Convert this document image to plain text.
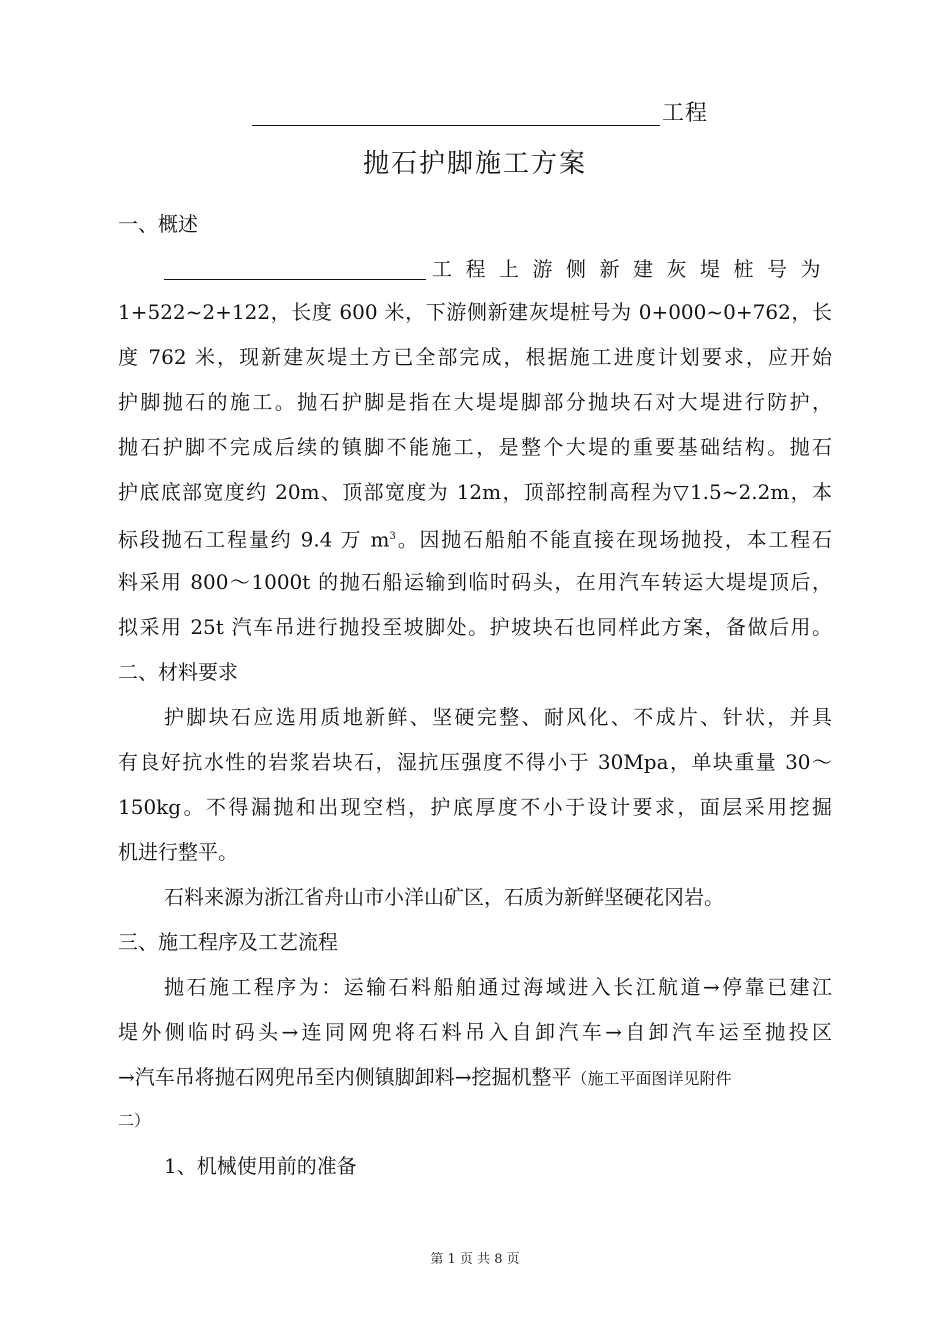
工程
抛石护脚施工方案
一、概述
工程上游侧新建灰堤桩号为
1+522~2+122，长度 600 米，下游侧新建灰堤桩号为 0+000~0+762，长
度 762 米，现新建灰堤土方已全部完成，根据施工进度计划要求，应开始
护脚抛石的施工。抛石护脚是指在大堤堤脚部分抛块石对大堤进行防护，
抛石护脚不完成后续的镇脚不能施工，是整个大堤的重要基础结构。抛石
护底底部宽度约 20m、顶部宽度为 12m，顶部控制高程为▽1.5~2.2m，本
标段抛石工程量约 9.4 万 $m^3$。因抛石船舶不能直接在现场抛投，本工程石
料采用 800～1000t 的抛石船运输到临时码头，在用汽车转运大堤堤顶后，
拟采用 25t 汽车吊进行抛投至坡脚处。护坡块石也同样此方案，备做后用。
二、材料要求
护脚块石应选用质地新鲜、坚硬完整、耐风化、不成片、针状，并具
有良好抗水性的岩浆岩块石，湿抗压强度不得小于 30Mpa，单块重量 30～
150kg。不得漏抛和出现空档，护底厚度不小于设计要求，面层采用挖掘
机进行整平。
石料来源为浙江省舟山市小洋山矿区，石质为新鲜坚硬花冈岩。
三、施工程序及工艺流程
抛石施工程序为：运输石料船舶通过海域进入长江航道→停靠已建江
堤外侧临时码头→连同网兜将石料吊入自卸汽车→自卸汽车运至抛投区
→汽车吊将抛石网兜吊至内侧镇脚卸料→挖掘机整平（施工平面图详见附件
二）
1、机械使用前的准备
第 1 页 共 8 页
